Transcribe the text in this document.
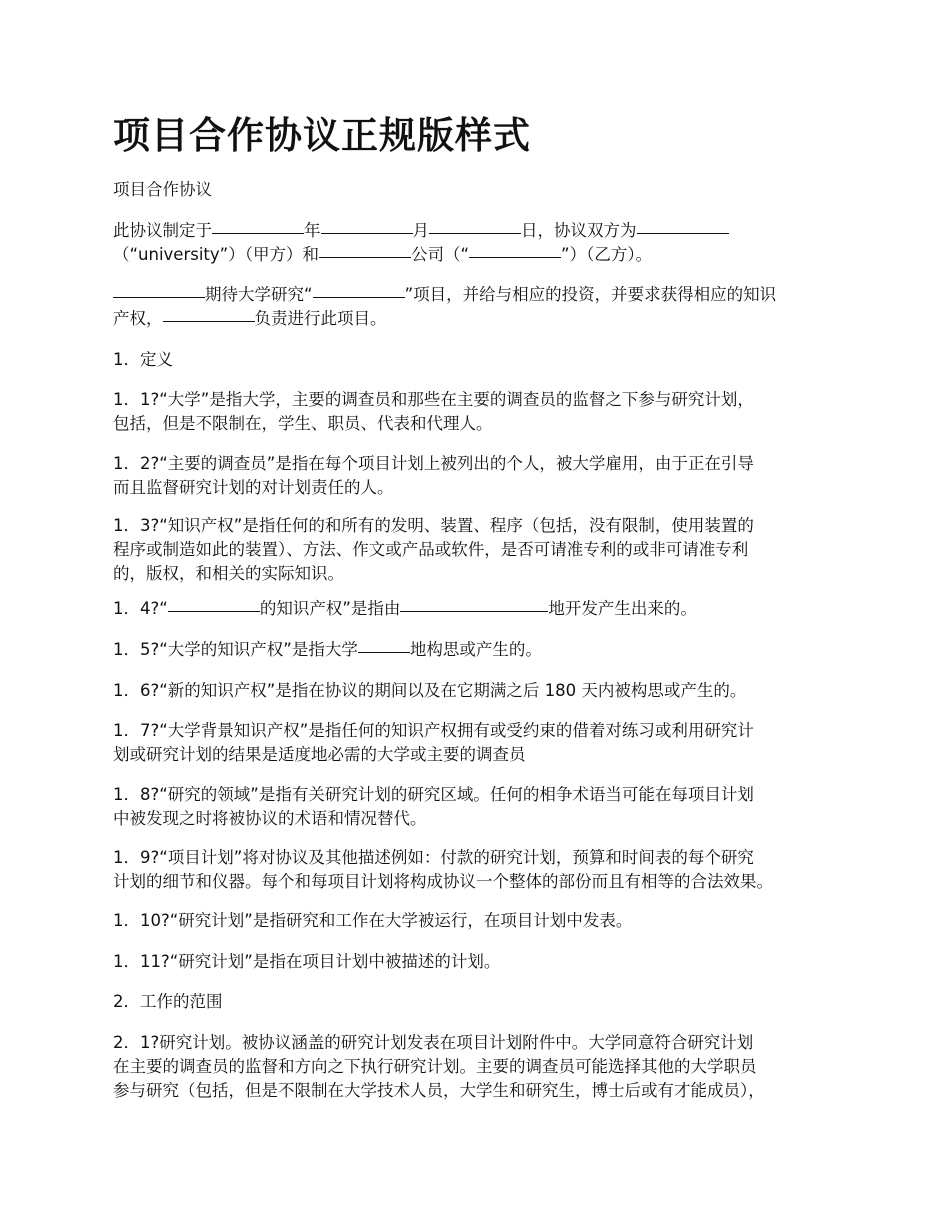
项目合作协议正规版样式

项目合作协议

此协议制定于	年	月	日，协议双方为
（“university”）（甲方）和	公司（“	”）（乙方）。
期待大学研究“	”项目，并给与相应的投资，并要求获得相应的知识
产权，	负责进行此项目。

1．定义

1．1?“大学”是指大学，主要的调查员和那些在主要的调查员的监督之下参与研究计划，
包括，但是不限制在，学生、职员、代表和代理人。
1．2?“主要的调查员”是指在每个项目计划上被列出的个人，被大学雇用，由于正在引导
而且监督研究计划的对计划责任的人。
1．3?“知识产权”是指任何的和所有的发明、装置、程序（包括，没有限制，使用装置的
程序或制造如此的装置）、方法、作文或产品或软件，是否可请准专利的或非可请准专利
的，版权，和相关的实际知识。
1．4?“	的知识产权”是指由	地开发产生出来的。
1．5?“大学的知识产权”是指大学	地构思或产生的。

1．6?“新的知识产权”是指在协议的期间以及在它期满之后 180 天内被构思或产生的。

1．7?“大学背景知识产权”是指任何的知识产权拥有或受约束的借着对练习或利用研究计
划或研究计划的结果是适度地必需的大学或主要的调查员
1．8?“研究的领域”是指有关研究计划的研究区域。任何的相争术语当可能在每项目计划
中被发现之时将被协议的术语和情况替代。
1．9?“项目计划”将对协议及其他描述例如：付款的研究计划，预算和时间表的每个研究
计划的细节和仪器。每个和每项目计划将构成协议一个整体的部份而且有相等的合法效果。

1．10?“研究计划”是指研究和工作在大学被运行，在项目计划中发表。

1．11?“研究计划”是指在项目计划中被描述的计划。

2．工作的范围

2．1?研究计划。被协议涵盖的研究计划发表在项目计划附件中。大学同意符合研究计划
在主要的调查员的监督和方向之下执行研究计划。主要的调查员可能选择其他的大学职员
参与研究（包括，但是不限制在大学技术人员，大学生和研究生，博士后或有才能成员），
